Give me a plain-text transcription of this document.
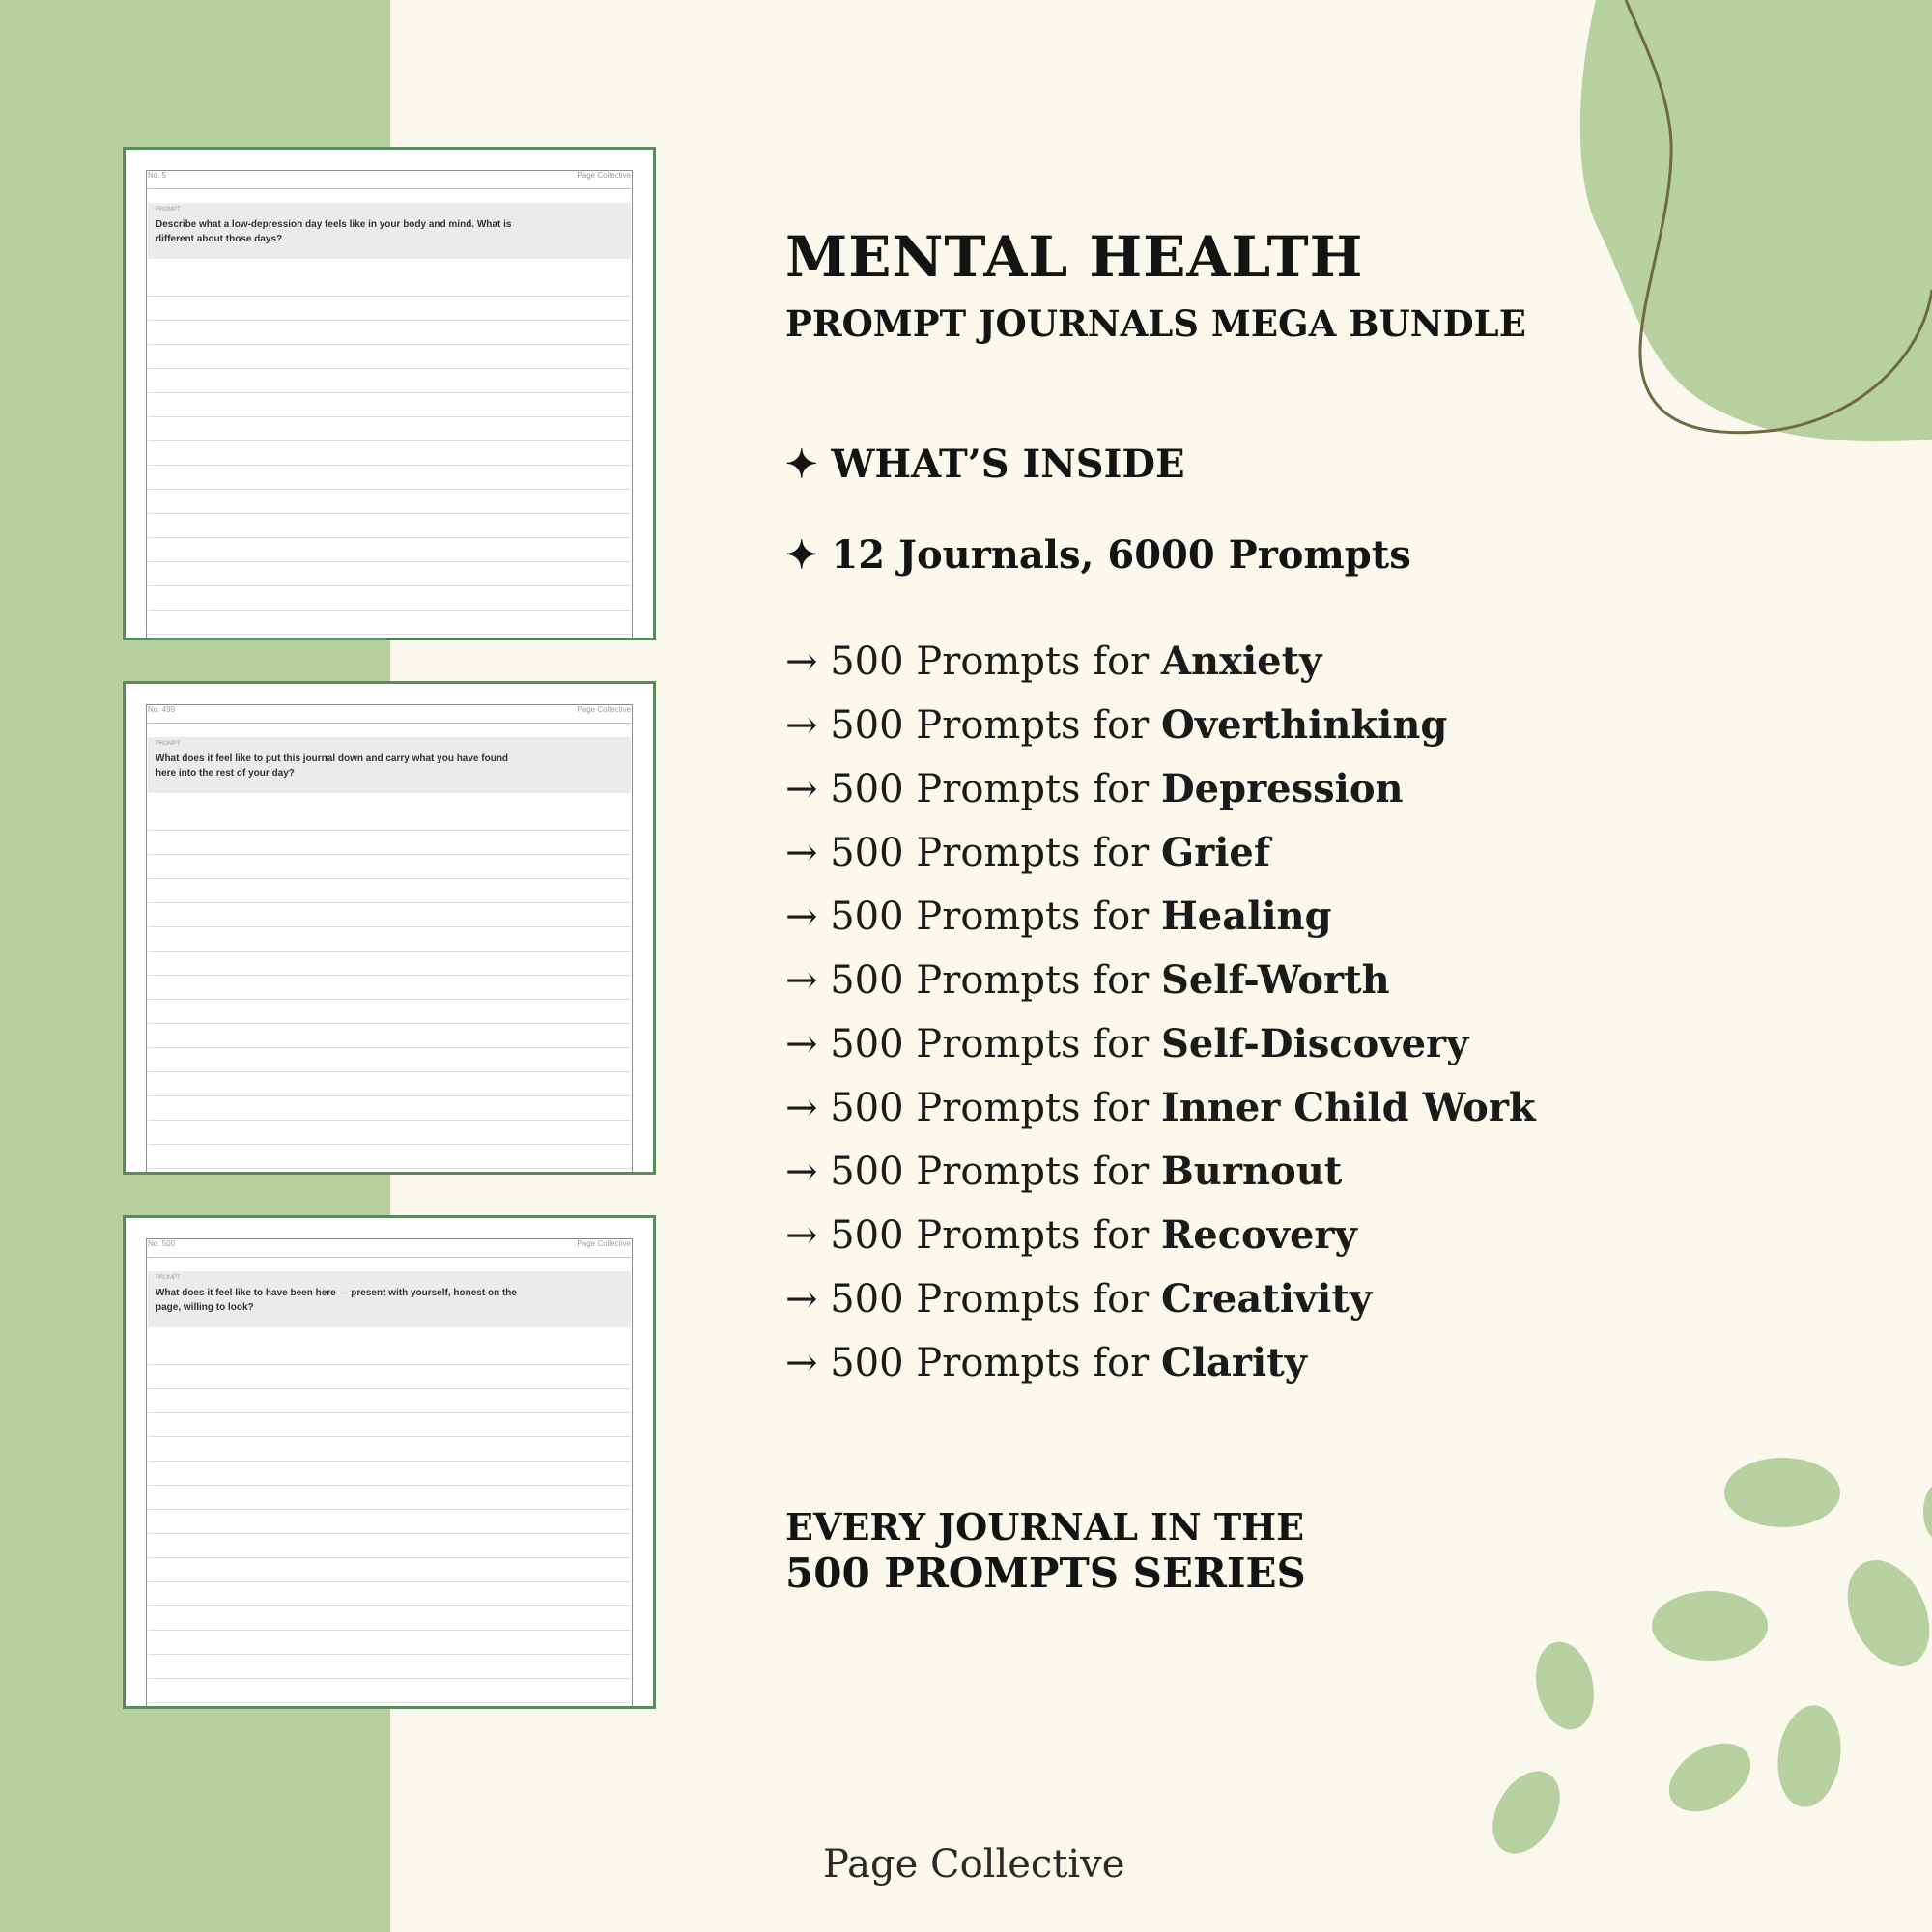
No. 5	Page Collective
PROMPT
Describe what a low-depression day feels like in your body and mind. What is different about those days?
No. 499	Page Collective
PROMPT
What does it feel like to put this journal down and carry what you have found here into the rest of your day?
No. 500	Page Collective
PROMPT
What does it feel like to have been here — present with yourself, honest on the page, willing to look?
MENTAL HEALTH
PROMPT JOURNALS MEGA BUNDLE
✦ WHAT’S INSIDE
✦ 12 Journals, 6000 Prompts
→ 500 Prompts for Anxiety
→ 500 Prompts for Overthinking
→ 500 Prompts for Depression
→ 500 Prompts for Grief
→ 500 Prompts for Healing
→ 500 Prompts for Self-Worth
→ 500 Prompts for Self-Discovery
→ 500 Prompts for Inner Child Work
→ 500 Prompts for Burnout
→ 500 Prompts for Recovery
→ 500 Prompts for Creativity
→ 500 Prompts for Clarity
EVERY JOURNAL IN THE
500 PROMPTS SERIES
Page Collective
